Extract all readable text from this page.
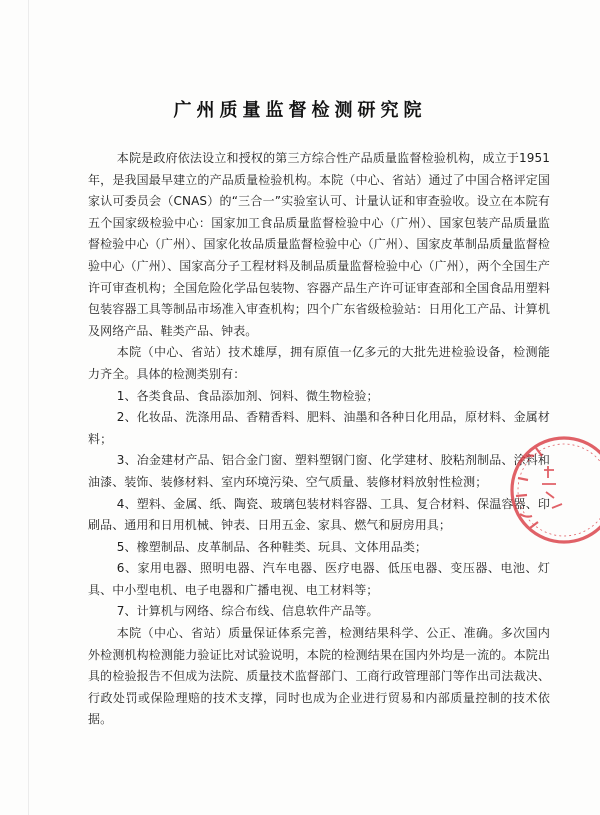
广州质量监督检测研究院

本院是政府依法设立和授权的第三方综合性产品质量监督检验机构，成立于1951年，是我国最早建立的产品质量检验机构。本院（中心、省站）通过了中国合格评定国家认可委员会（CNAS）的“三合一”实验室认可、计量认证和审查验收。设立在本院有五个国家级检验中心：国家加工食品质量监督检验中心（广州）、国家包装产品质量监督检验中心（广州）、国家化妆品质量监督检验中心（广州）、国家皮革制品质量监督检验中心（广州）、国家高分子工程材料及制品质量监督检验中心（广州），两个全国生产许可审查机构；全国危险化学品包装物、容器产品生产许可证审查部和全国食品用塑料包装容器工具等制品市场准入审查机构；四个广东省级检验站：日用化工产品、计算机及网络产品、鞋类产品、钟表。

本院（中心、省站）技术雄厚，拥有原值一亿多元的大批先进检验设备，检测能力齐全。具体的检测类别有：

1、各类食品、食品添加剂、饲料、微生物检验；

2、化妆品、洗涤用品、香精香料、肥料、油墨和各种日化用品，原材料、金属材料；

3、冶金建材产品、铝合金门窗、塑料塑钢门窗、化学建材、胶粘剂制品、涂料和油漆、装饰、装修材料、室内环境污染、空气质量、装修材料放射性检测；

4、塑料、金属、纸、陶瓷、玻璃包装材料容器、工具、复合材料、保温容器、印刷品、通用和日用机械、钟表、日用五金、家具、燃气和厨房用具；

5、橡塑制品、皮革制品、各种鞋类、玩具、文体用品类；

6、家用电器、照明电器、汽车电器、医疗电器、低压电器、变压器、电池、灯具、中小型电机、电子电器和广播电视、电工材料等；

7、计算机与网络、综合布线、信息软件产品等。

本院（中心、省站）质量保证体系完善，检测结果科学、公正、准确。多次国内外检测机构检测能力验证比对试验说明，本院的检测结果在国内外均是一流的。本院出具的检验报告不但成为法院、质量技术监督部门、工商行政管理部门等作出司法裁决、行政处罚或保险理赔的技术支撑，同时也成为企业进行贸易和内部质量控制的技术依据。
